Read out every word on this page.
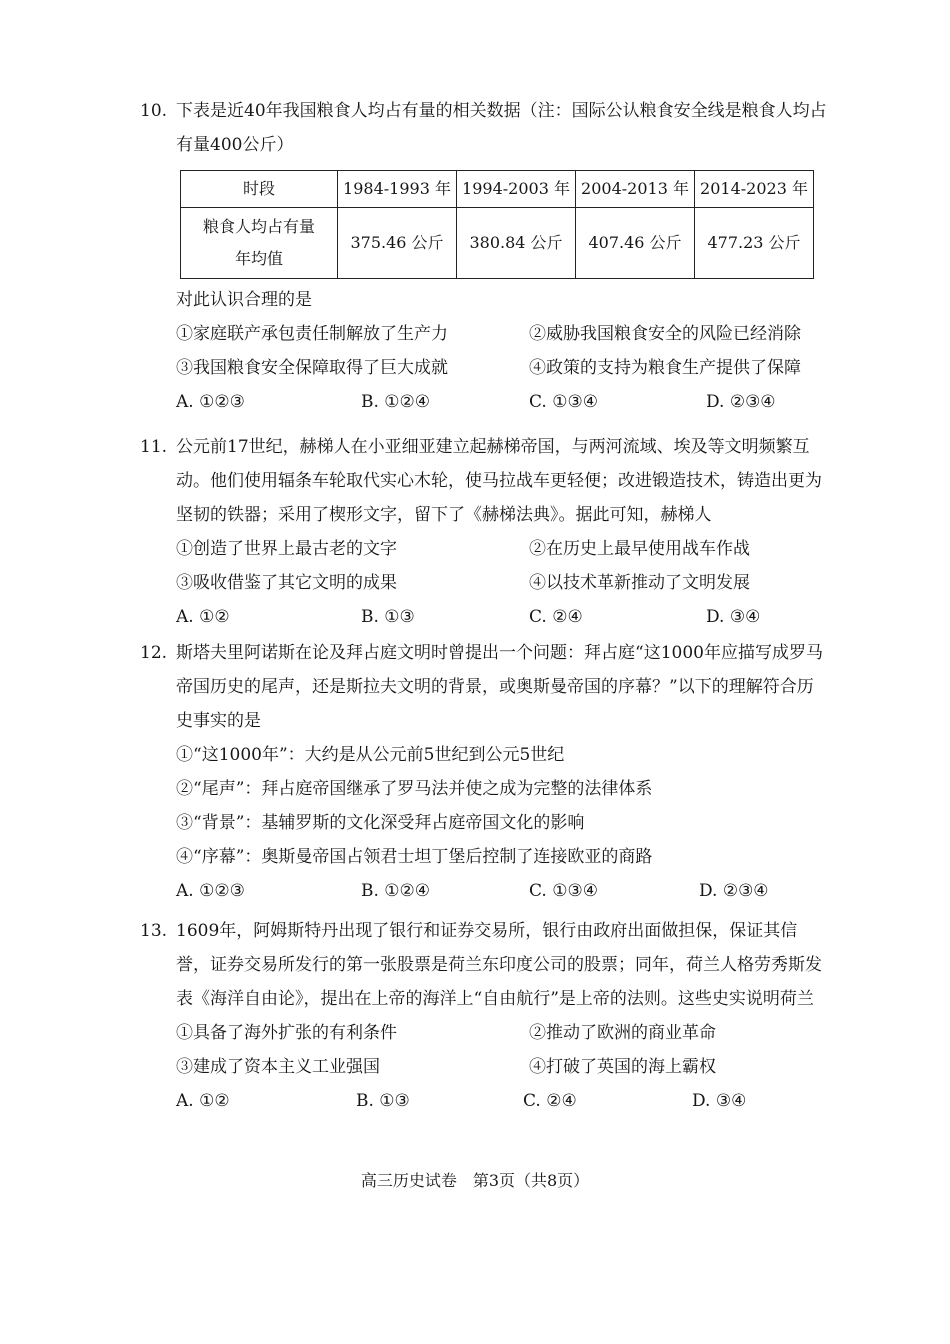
10. 下表是近40年我国粮食人均占有量的相关数据（注：国际公认粮食安全线是粮食人均占有量400公斤）
时段	1984-1993 年	1994-2003 年	2004-2013 年	2014-2023 年

粮食人均占有量
年均值	375.46 公斤	380.84 公斤	407.46 公斤	477.23 公斤
对此认识合理的是
①家庭联产承包责任制解放了生产力	②威胁我国粮食安全的风险已经消除
③我国粮食安全保障取得了巨大成就	④政策的支持为粮食生产提供了保障
A. ①②③	B. ①②④	C. ①③④	D. ②③④
11. 公元前17世纪，赫梯人在小亚细亚建立起赫梯帝国，与两河流域、埃及等文明频繁互动。他们使用辐条车轮取代实心木轮，使马拉战车更轻便；改进锻造技术，铸造出更为坚韧的铁器；采用了楔形文字，留下了《赫梯法典》。据此可知，赫梯人
①创造了世界上最古老的文字	②在历史上最早使用战车作战
③吸收借鉴了其它文明的成果	④以技术革新推动了文明发展
A. ①②	B. ①③	C. ②④	D. ③④
12. 斯塔夫里阿诺斯在论及拜占庭文明时曾提出一个问题：拜占庭“这1000年应描写成罗马帝国历史的尾声，还是斯拉夫文明的背景，或奥斯曼帝国的序幕？”以下的理解符合历史事实的是
①“这1000年”：大约是从公元前5世纪到公元5世纪
②“尾声”：拜占庭帝国继承了罗马法并使之成为完整的法律体系
③“背景”：基辅罗斯的文化深受拜占庭帝国文化的影响
④“序幕”：奥斯曼帝国占领君士坦丁堡后控制了连接欧亚的商路
A. ①②③	B. ①②④	C. ①③④	D. ②③④
13. 1609年，阿姆斯特丹出现了银行和证券交易所，银行由政府出面做担保，保证其信誉，证券交易所发行的第一张股票是荷兰东印度公司的股票；同年，荷兰人格劳秀斯发表《海洋自由论》，提出在上帝的海洋上“自由航行”是上帝的法则。这些史实说明荷兰
①具备了海外扩张的有利条件	②推动了欧洲的商业革命
③建成了资本主义工业强国	④打破了英国的海上霸权
A. ①②	B. ①③	C. ②④	D. ③④
高三历史试卷　第3页（共8页）
